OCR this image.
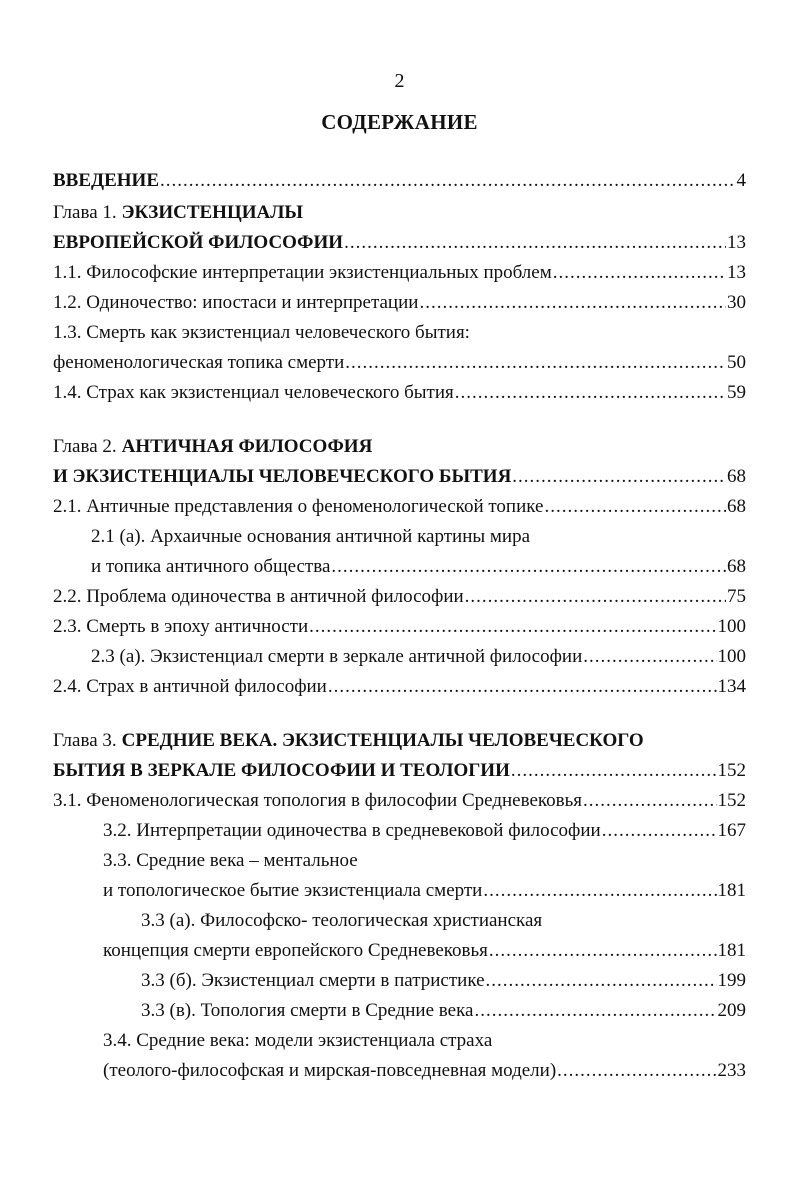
2
СОДЕРЖАНИЕ
ВВЕДЕНИЕ .....	4
Глава 1. ЭКЗИСТЕНЦИАЛЫ
ЕВРОПЕЙСКОЙ ФИЛОСОФИИ .....	13
1.1. Философские интерпретации экзистенциальных проблем .....	13
1.2. Одиночество: ипостаси и интерпретации .....	30
1.3. Смерть как экзистенциал человеческого бытия:
феноменологическая топика смерти .....	50
1.4. Страх как экзистенциал человеческого бытия .....	59
Глава 2. АНТИЧНАЯ ФИЛОСОФИЯ
И ЭКЗИСТЕНЦИАЛЫ ЧЕЛОВЕЧЕСКОГО БЫТИЯ .....	68
2.1. Античные представления о феноменологической топике .....	68
2.1 (а). Архаичные основания античной картины мира
и топика античного общества .....	68
2.2. Проблема одиночества в античной философии .....	75
2.3. Смерть в эпоху античности .....	100
2.3 (а). Экзистенциал смерти в зеркале античной философии .....	100
2.4. Страх в античной философии .....	134
Глава 3. СРЕДНИЕ ВЕКА. ЭКЗИСТЕНЦИАЛЫ ЧЕЛОВЕЧЕСКОГО
БЫТИЯ В ЗЕРКАЛЕ ФИЛОСОФИИ И ТЕОЛОГИИ .....	152
3.1. Феноменологическая топология в философии Средневековья .....	152
3.2. Интерпретации одиночества в средневековой философии .....	167
3.3. Средние века – ментальное
и топологическое бытие экзистенциала смерти .....	181
3.3 (а). Философско- теологическая христианская
концепция смерти европейского Средневековья .....	181
3.3 (б). Экзистенциал смерти в патристике .....	199
3.3 (в). Топология смерти в Средние века .....	209
3.4. Средние века: модели экзистенциала страха
(теолого-философская и мирская-повседневная модели) .....	233
